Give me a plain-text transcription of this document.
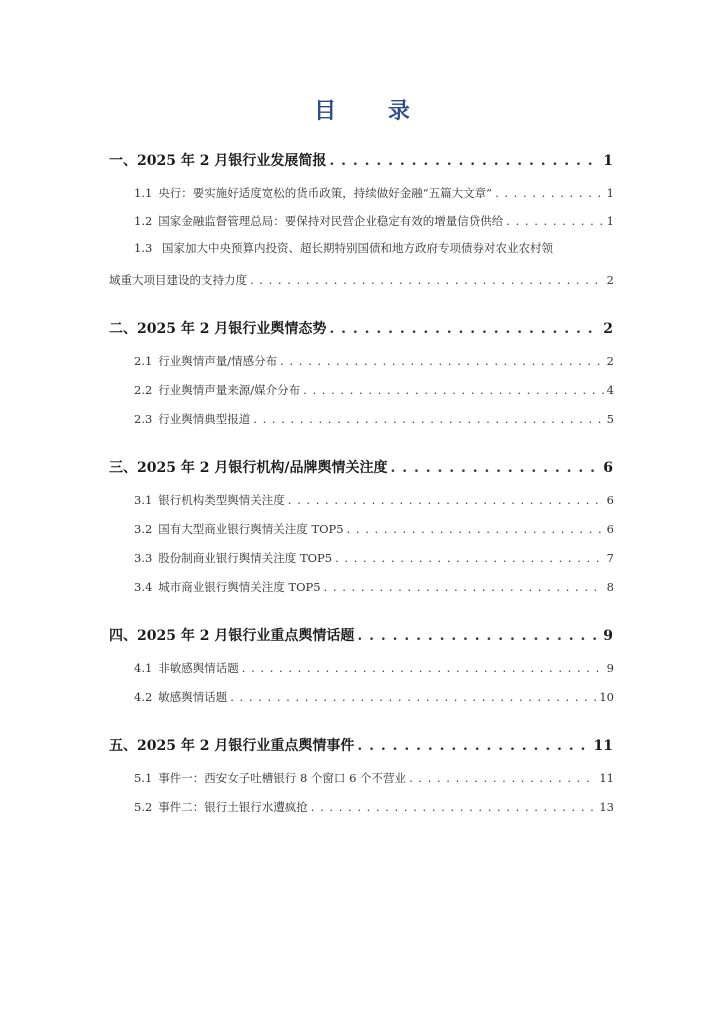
目 录
一、 2025 年 2 月银行业发展简报 . . .	1
1.1 央行：要实施好适度宽松的货币政策，持续做好金融“五篇大文章” . . .	1
1.2 国家金融监督管理总局：要保持对民营企业稳定有效的增量信贷供给 . . .	1
1.3 国家加大中央预算内投资、超长期特别国债和地方政府专项债券对农业农村领
域重大项目建设的支持力度 . . .	2
二、 2025 年 2 月银行业舆情态势 . . .	2
2.1 行业舆情声量/情感分布 . . .	2
2.2 行业舆情声量来源/媒介分布 . . .	4
2.3 行业舆情典型报道 . . .	5
三、 2025 年 2 月银行机构/品牌舆情关注度 . . .	6
3.1 银行机构类型舆情关注度 . . .	6
3.2 国有大型商业银行舆情关注度 TOP5 . . .	6
3.3 股份制商业银行舆情关注度 TOP5 . . .	7
3.4 城市商业银行舆情关注度 TOP5 . . .	8
四、 2025 年 2 月银行业重点舆情话题 . . .	9
4.1 非敏感舆情话题 . . .	9
4.2 敏感舆情话题 . . .	10
五、 2025 年 2 月银行业重点舆情事件 . . .	11
5.1 事件一：西安女子吐槽银行 8 个窗口 6 个不营业 . . .	11
5.2 事件二：银行土银行水遭疯抢 . . .	13
